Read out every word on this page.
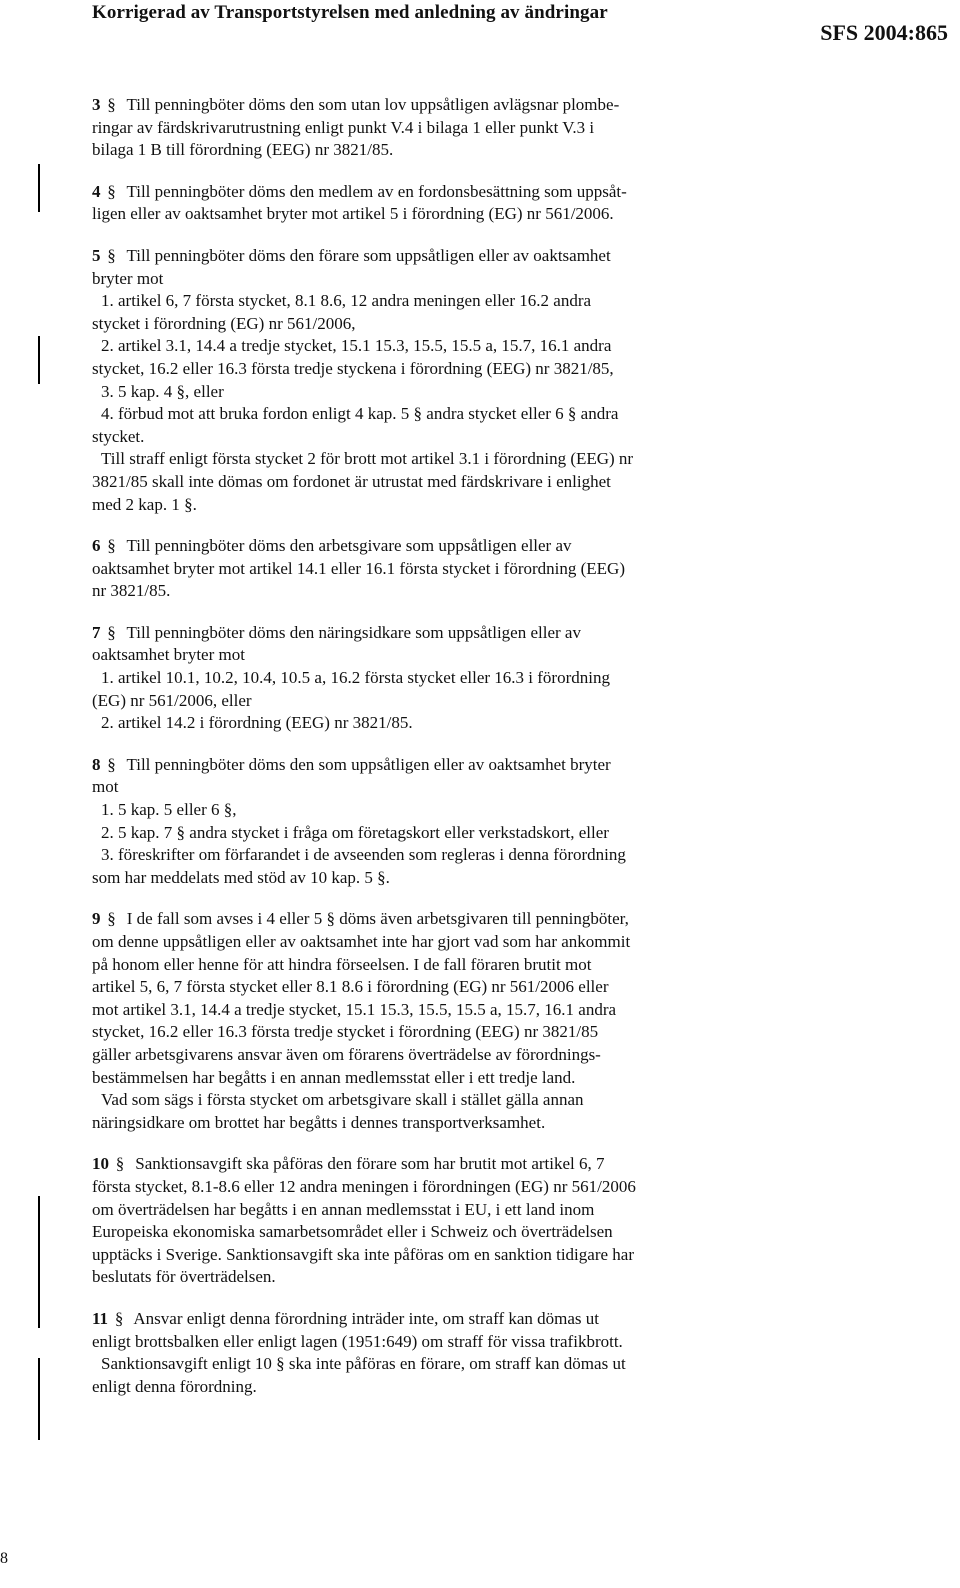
Korrigerad av Transportstyrelsen med anledning av ändringar
SFS 2004:865

3 § Till penningböter döms den som utan lov uppsåtligen avlägsnar plombe-
ringar av färdskrivarutrustning enligt punkt V.4 i bilaga 1 eller punkt V.3 i
bilaga 1 B till förordning (EEG) nr 3821/85.

4 § Till penningböter döms den medlem av en fordonsbesättning som uppsåt-
ligen eller av oaktsamhet bryter mot artikel 5 i förordning (EG) nr 561/2006.

5 § Till penningböter döms den förare som uppsåtligen eller av oaktsamhet
bryter mot
1. artikel 6, 7 första stycket, 8.1 8.6, 12 andra meningen eller 16.2 andra
stycket i förordning (EG) nr 561/2006,
2. artikel 3.1, 14.4 a tredje stycket, 15.1 15.3, 15.5, 15.5 a, 15.7, 16.1 andra
stycket, 16.2 eller 16.3 första tredje styckena i förordning (EEG) nr 3821/85,
3. 5 kap. 4 §, eller
4. förbud mot att bruka fordon enligt 4 kap. 5 § andra stycket eller 6 § andra
stycket.
Till straff enligt första stycket 2 för brott mot artikel 3.1 i förordning (EEG) nr
3821/85 skall inte dömas om fordonet är utrustat med färdskrivare i enlighet
med 2 kap. 1 §.

6 § Till penningböter döms den arbetsgivare som uppsåtligen eller av
oaktsamhet bryter mot artikel 14.1 eller 16.1 första stycket i förordning (EEG)
nr 3821/85.

7 § Till penningböter döms den näringsidkare som uppsåtligen eller av
oaktsamhet bryter mot
1. artikel 10.1, 10.2, 10.4, 10.5 a, 16.2 första stycket eller 16.3 i förordning
(EG) nr 561/2006, eller
2. artikel 14.2 i förordning (EEG) nr 3821/85.

8 § Till penningböter döms den som uppsåtligen eller av oaktsamhet bryter
mot
1. 5 kap. 5 eller 6 §,
2. 5 kap. 7 § andra stycket i fråga om företagskort eller verkstadskort, eller
3. föreskrifter om förfarandet i de avseenden som regleras i denna förordning
som har meddelats med stöd av 10 kap. 5 §.

9 § I de fall som avses i 4 eller 5 § döms även arbetsgivaren till penningböter,
om denne uppsåtligen eller av oaktsamhet inte har gjort vad som har ankommit
på honom eller henne för att hindra förseelsen. I de fall föraren brutit mot
artikel 5, 6, 7 första stycket eller 8.1 8.6 i förordning (EG) nr 561/2006 eller
mot artikel 3.1, 14.4 a tredje stycket, 15.1 15.3, 15.5, 15.5 a, 15.7, 16.1 andra
stycket, 16.2 eller 16.3 första tredje stycket i förordning (EEG) nr 3821/85
gäller arbetsgivarens ansvar även om förarens överträdelse av förordnings-
bestämmelsen har begåtts i en annan medlemsstat eller i ett tredje land.
Vad som sägs i första stycket om arbetsgivare skall i stället gälla annan
näringsidkare om brottet har begåtts i dennes transportverksamhet.

10 § Sanktionsavgift ska påföras den förare som har brutit mot artikel 6, 7
första stycket, 8.1-8.6 eller 12 andra meningen i förordningen (EG) nr 561/2006
om överträdelsen har begåtts i en annan medlemsstat i EU, i ett land inom
Europeiska ekonomiska samarbetsområdet eller i Schweiz och överträdelsen
upptäcks i Sverige. Sanktionsavgift ska inte påföras om en sanktion tidigare har
beslutats för överträdelsen.

11 § Ansvar enligt denna förordning inträder inte, om straff kan dömas ut
enligt brottsbalken eller enligt lagen (1951:649) om straff för vissa trafikbrott.
Sanktionsavgift enligt 10 § ska inte påföras en förare, om straff kan dömas ut
enligt denna förordning.

8
